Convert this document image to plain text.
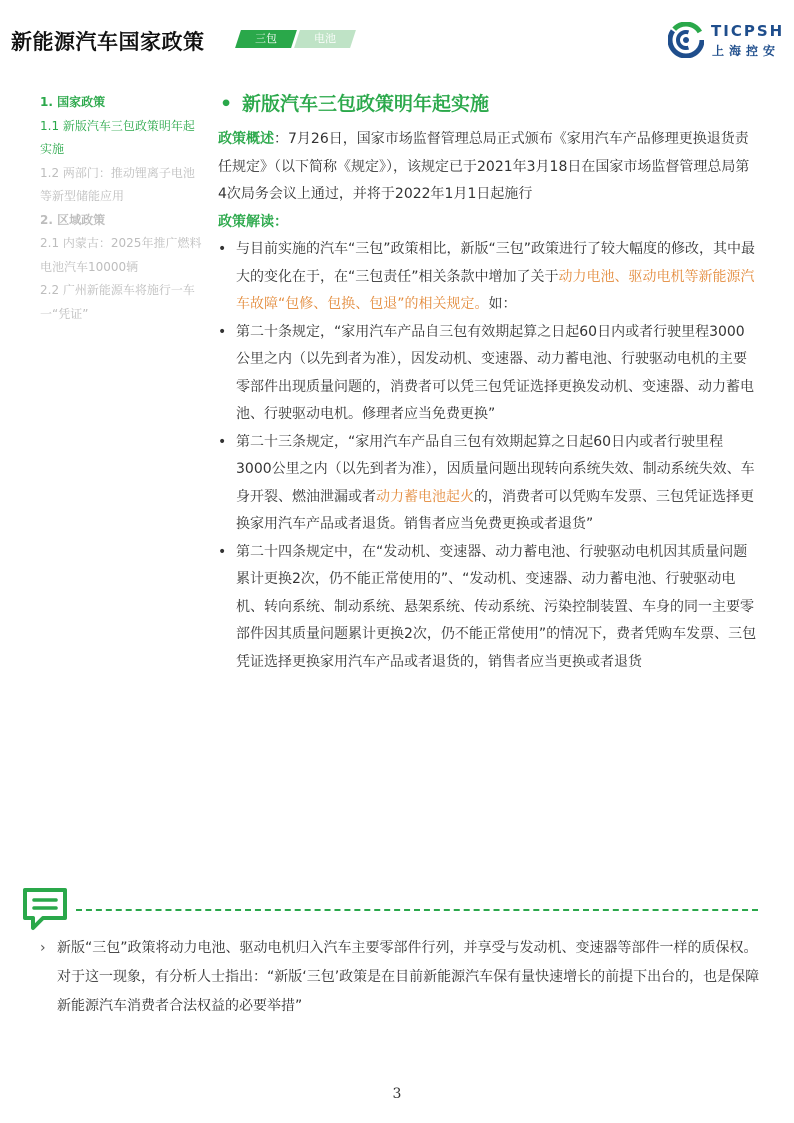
新能源汽车国家政策	三包	电池	TICPSH
上海控安
1. 国家政策
1.1 新版汽车三包政策明年起实施
1.2 两部门：推动锂离子电池等新型储能应用
2. 区域政策
2.1 内蒙古：2025年推广燃料电池汽车10000辆
2.2 广州新能源车将施行一车一“凭证”
• 新版汽车三包政策明年起实施

政策概述：7月26日，国家市场监督管理总局正式颁布《家用汽车产品修理更换退货责任规定》（以下简称《规定》），该规定已于2021年3月18日在国家市场监督管理总局第4次局务会议上通过，并将于2022年1月1日起施行

政策解读：

• 与目前实施的汽车“三包”政策相比，新版“三包”政策进行了较大幅度的修改，其中最大的变化在于，在“三包责任”相关条款中增加了关于动力电池、驱动电机等新能源汽车故障“包修、包换、包退”的相关规定。如：
• 第二十条规定，“家用汽车产品自三包有效期起算之日起60日内或者行驶里程3000公里之内（以先到者为准），因发动机、变速器、动力蓄电池、行驶驱动电机的主要零部件出现质量问题的，消费者可以凭三包凭证选择更换发动机、变速器、动力蓄电池、行驶驱动电机。修理者应当免费更换”
• 第二十三条规定，“家用汽车产品自三包有效期起算之日起60日内或者行驶里程3000公里之内（以先到者为准），因质量问题出现转向系统失效、制动系统失效、车身开裂、燃油泄漏或者动力蓄电池起火的，消费者可以凭购车发票、三包凭证选择更换家用汽车产品或者退货。销售者应当免费更换或者退货”
• 第二十四条规定中，在“发动机、变速器、动力蓄电池、行驶驱动电机因其质量问题累计更换2次，仍不能正常使用的”、“发动机、变速器、动力蓄电池、行驶驱动电机、转向系统、制动系统、悬架系统、传动系统、污染控制装置、车身的同一主要零部件因其质量问题累计更换2次，仍不能正常使用”的情况下，费者凭购车发票、三包凭证选择更换家用汽车产品或者退货的，销售者应当更换或者退货
› 新版“三包”政策将动力电池、驱动电机归入汽车主要零部件行列，并享受与发动机、变速器等部件一样的质保权。对于这一现象，有分析人士指出：“新版‘三包’政策是在目前新能源汽车保有量快速增长的前提下出台的，也是保障新能源汽车消费者合法权益的必要举措”
3
